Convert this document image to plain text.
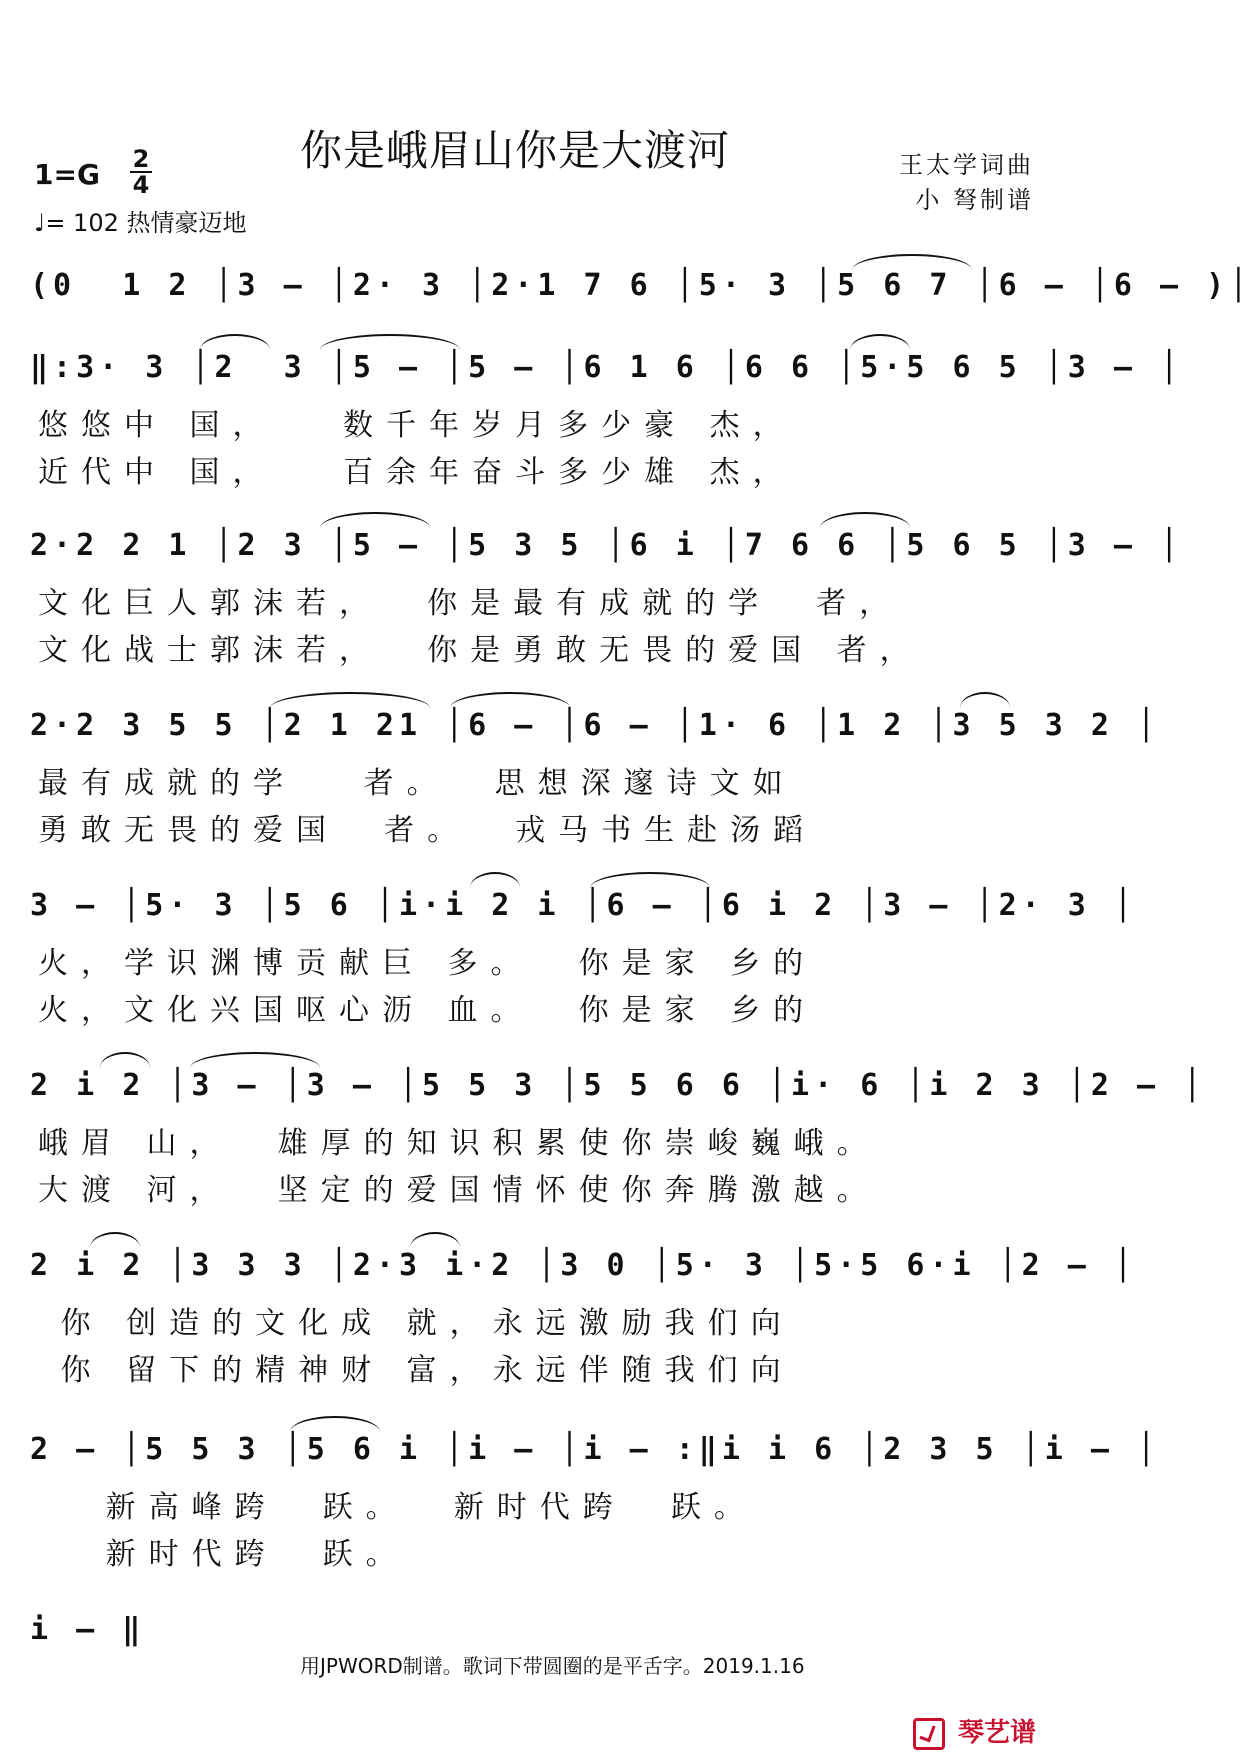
你是峨眉山你是大渡河
1=G 2
4
♩= 102 热情豪迈地
王太学词曲
小 弩制谱
(0  1 2 │3 – │2· 3 │2·1 7 6 │5· 3 │5 6 7 │6 – │6 – )│
‖:3· 3 │2  3 │5 – │5 – │6 1 6 │6 6 │5·5 6 5 │3 – │
悠悠中 国，   数千年岁月多少豪 杰，
近代中 国，   百余年奋斗多少雄 杰，
2·2 2 1 │2 3 │5 – │5 3 5 │6 i │7 6 6 │5 6 5 │3 – │
文化巨人郭沫若，  你是最有成就的学  者，
文化战士郭沫若，  你是勇敢无畏的爱国 者，
2·2 3 5 5 │2 1 21 │6 – │6 – │1· 6 │1 2 │3 5 3 2 │
最有成就的学   者。  思想深邃诗文如
勇敢无畏的爱国  者。  戎马书生赴汤蹈
3 – │5· 3 │5 6 │i·i 2 i │6 – │6 i 2 │3 – │2· 3 │
火，学识渊博贡献巨 多。  你是家 乡的
火，文化兴国呕心沥 血。  你是家 乡的
2 i 2 │3 – │3 – │5 5 3 │5 5 6 6 │i· 6 │i 2 3 │2 – │
峨眉 山，  雄厚的知识积累使你崇峻巍峨。
大渡 河，  坚定的爱国情怀使你奔腾激越。
2 i 2 │3 3 3 │2·3 i·2 │3 0 │5· 3 │5·5 6·i │2 – │
你 创造的文化成 就，永远激励我们向
你 留下的精神财 富，永远伴随我们向
2 – │5 5 3 │5 6 i │i – │i – :‖i i 6 │2 3 5 │i – │
新高峰跨  跃。  新时代跨  跃。
新时代跨  跃。
i – ‖
用JPWORD制谱。歌词下带圆圈的是平舌字。2019.1.16
琴艺谱
